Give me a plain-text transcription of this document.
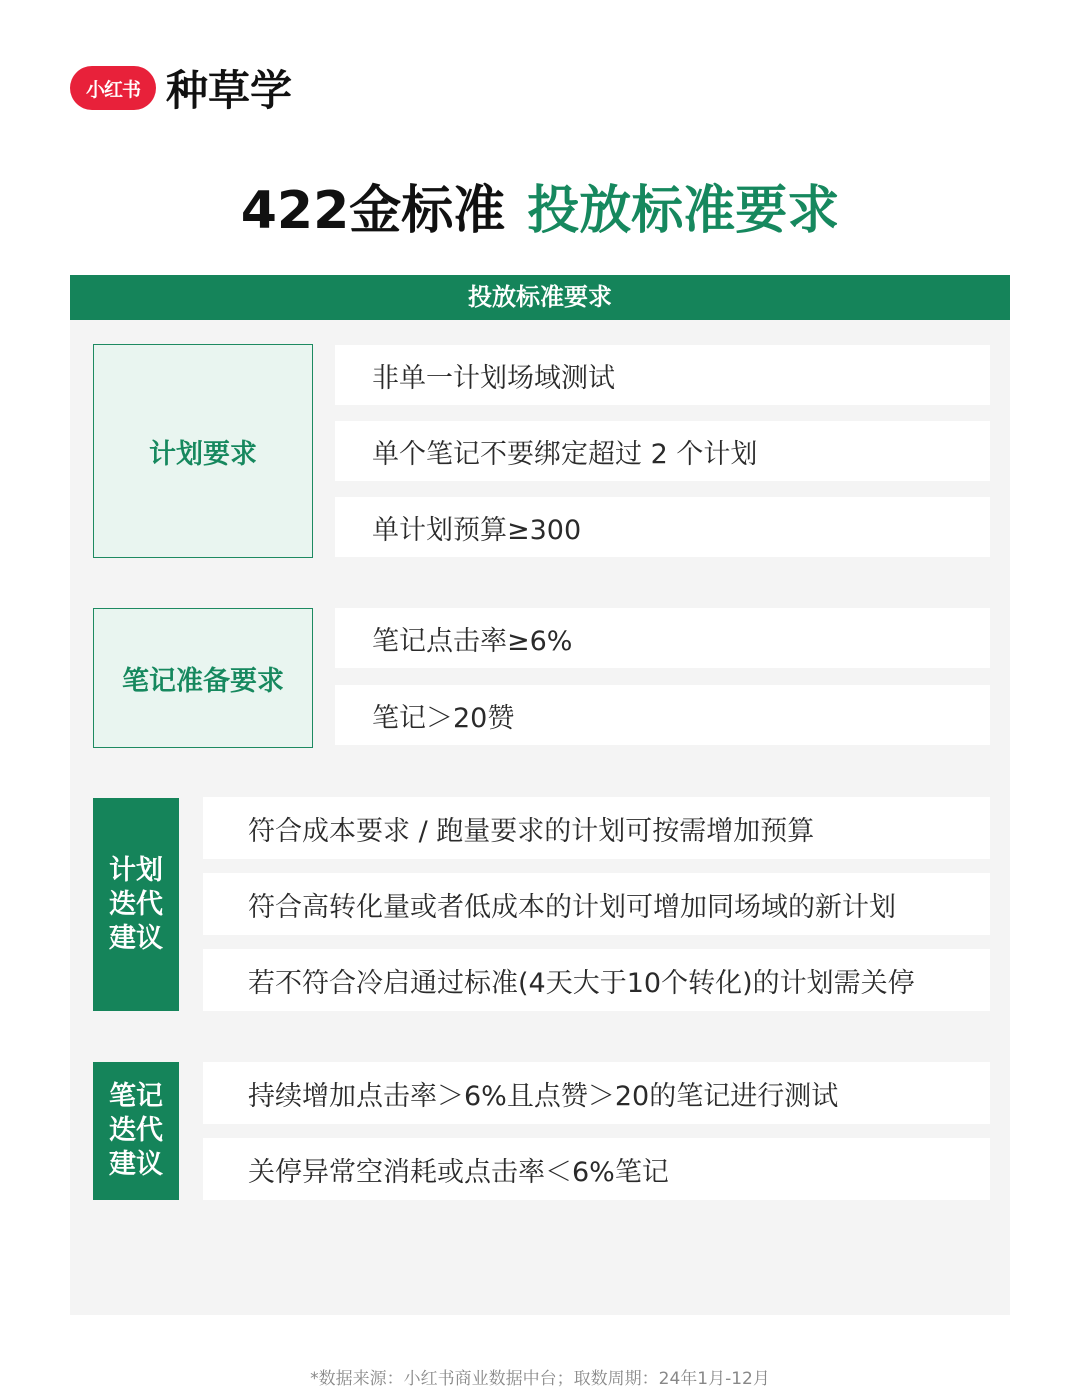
小红书 种草学
422金标准 投放标准要求
投放标准要求
计划要求
非单一计划场域测试
单个笔记不要绑定超过 2 个计划
单计划预算≥300
笔记准备要求
笔记点击率≥6%
笔记＞20赞
计划迭代建议
符合成本要求 / 跑量要求的计划可按需增加预算
符合高转化量或者低成本的计划可增加同场域的新计划
若不符合冷启通过标准(4天大于10个转化)的计划需关停
笔记迭代建议
持续增加点击率＞6%且点赞＞20的笔记进行测试
关停异常空消耗或点击率＜6%笔记
*数据来源：小红书商业数据中台；取数周期：24年1月-12月
